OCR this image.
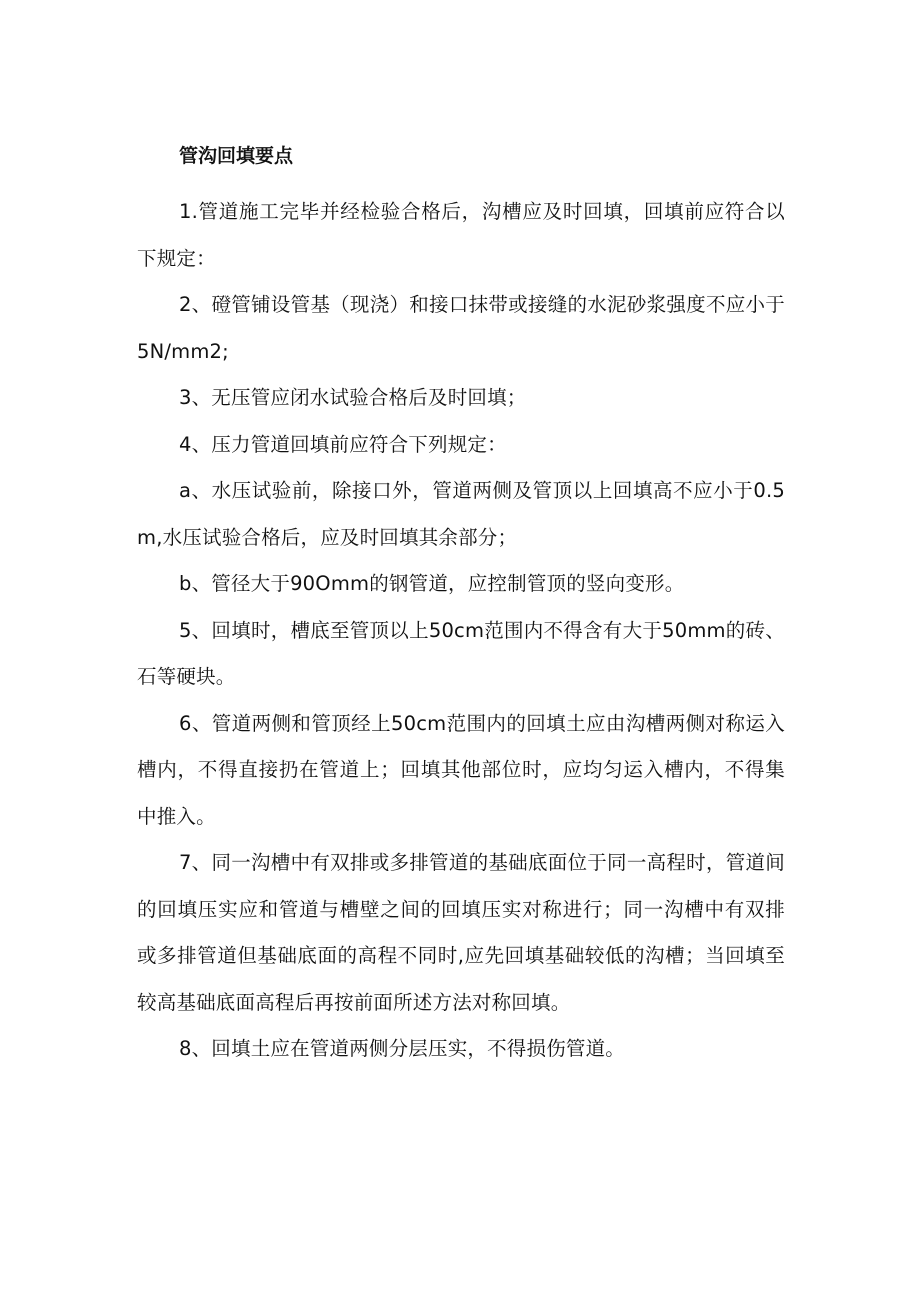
管沟回填要点

1.管道施工完毕并经检验合格后，沟槽应及时回填，回填前应符合以下规定：

2、磴管铺设管基（现浇）和接口抹带或接缝的水泥砂浆强度不应小于5N/mm2;

3、无压管应闭水试验合格后及时回填；

4、压力管道回填前应符合下列规定：

a、水压试验前，除接口外，管道两侧及管顶以上回填高不应小于0.5m,水压试验合格后，应及时回填其余部分；

b、管径大于90Omm的钢管道，应控制管顶的竖向变形。

5、回填时，槽底至管顶以上50cm范围内不得含有大于50mm的砖、石等硬块。

6、管道两侧和管顶经上50cm范围内的回填土应由沟槽两侧对称运入槽内，不得直接扔在管道上；回填其他部位时，应均匀运入槽内，不得集中推入。

7、同一沟槽中有双排或多排管道的基础底面位于同一高程时，管道间的回填压实应和管道与槽壁之间的回填压实对称进行；同一沟槽中有双排或多排管道但基础底面的高程不同时,应先回填基础较低的沟槽；当回填至较高基础底面高程后再按前面所述方法对称回填。

8、回填土应在管道两侧分层压实，不得损伤管道。
